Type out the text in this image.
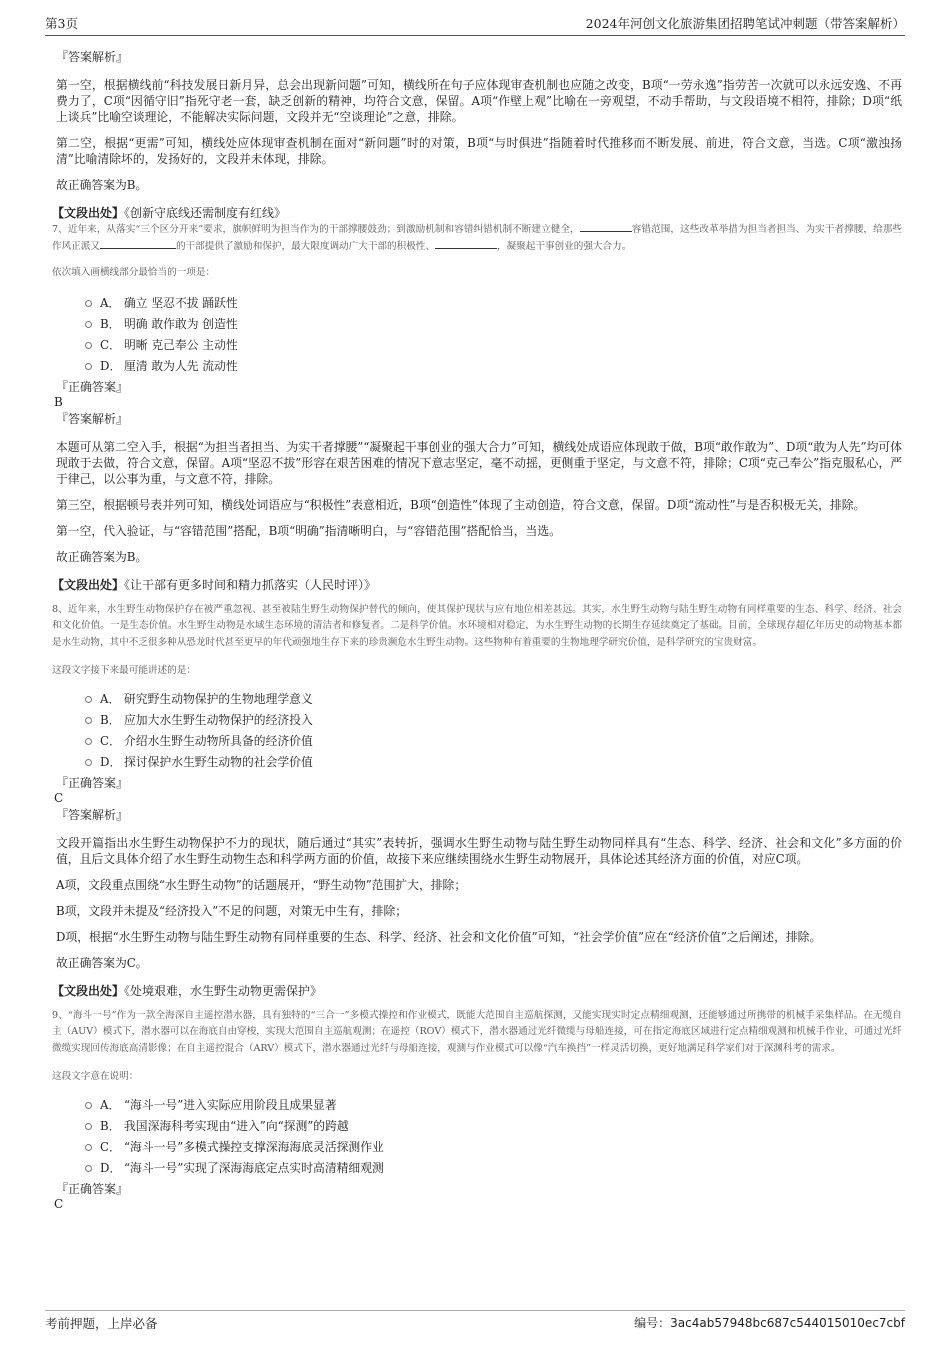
第3页	2024年河创文化旅游集团招聘笔试冲刺题（带答案解析）
『答案解析』
第一空，根据横线前“科技发展日新月异，总会出现新问题”可知，横线所在句子应体现审查机制也应随之改变，B项“一劳永逸”指劳苦一次就可以永远安逸、不再费力了，C项“因循守旧”指死守老一套，缺乏创新的精神，均符合文意，保留。A项“作壁上观”比喻在一旁观望，不动手帮助，与文段语境不相符，排除；D项“纸上谈兵”比喻空谈理论，不能解决实际问题，文段并无“空谈理论”之意，排除。
第二空，根据“更需”可知，横线处应体现审查机制在面对“新问题”时的对策，B项“与时俱进”指随着时代推移而不断发展、前进，符合文意，当选。C项“激浊扬清”比喻清除坏的，发扬好的，文段并未体现，排除。
故正确答案为B。
【文段出处】《创新守底线还需制度有红线》
7、近年来，从落实“三个区分开来”要求，旗帜鲜明为担当作为的干部撑腰鼓劲；到激励机制和容错纠错机制不断建立健全，	容错范围，这些改革举措为担当者担当、为实干者撑腰，给那些作风正派又	的干部提供了激励和保护，最大限度调动广大干部的积极性、	，凝聚起干事创业的强大合力。
依次填入画横线部分最恰当的一项是：
A． 确立 坚忍不拔 踊跃性
B． 明确 敢作敢为 创造性
C． 明晰 克己奉公 主动性
D． 厘清 敢为人先 流动性
『正确答案』
B
『答案解析』
本题可从第二空入手，根据“为担当者担当、为实干者撑腰”“凝聚起干事创业的强大合力”可知，横线处成语应体现敢于做，B项“敢作敢为”、D项“敢为人先”均可体现敢于去做，符合文意，保留。A项“坚忍不拔”形容在艰苦困难的情况下意志坚定，毫不动摇，更侧重于坚定，与文意不符，排除；C项“克己奉公”指克服私心，严于律己，以公事为重，与文意不符，排除。
第三空，根据顿号表并列可知，横线处词语应与“积极性”表意相近，B项“创造性”体现了主动创造，符合文意，保留。D项“流动性”与是否积极无关，排除。
第一空，代入验证，与“容错范围”搭配，B项“明确”指清晰明白，与“容错范围”搭配恰当，当选。
故正确答案为B。
【文段出处】《让干部有更多时间和精力抓落实（人民时评）》
8、近年来，水生野生动物保护存在被严重忽视、甚至被陆生野生动物保护替代的倾向，使其保护现状与应有地位相差甚远。其实，水生野生动物与陆生野生动物有同样重要的生态、科学、经济、社会和文化价值。一是生态价值。水生野生动物是水域生态环境的清洁者和修复者。二是科学价值。水环境相对稳定，为水生野生动物的长期生存延续奠定了基础。目前，全球现存超亿年历史的动物基本都是水生动物，其中不乏很多种从恐龙时代甚至更早的年代顽强地生存下来的珍贵濒危水生野生动物。这些物种有着重要的生物地理学研究价值，是科学研究的宝贵财富。
这段文字接下来最可能讲述的是：
A． 研究野生动物保护的生物地理学意义
B． 应加大水生野生动物保护的经济投入
C． 介绍水生野生动物所具备的经济价值
D． 探讨保护水生野生动物的社会学价值
『正确答案』
C
『答案解析』
文段开篇指出水生野生动物保护不力的现状，随后通过“其实”表转折，强调水生野生动物与陆生野生动物同样具有“生态、科学、经济、社会和文化”多方面的价值，且后文具体介绍了水生野生动物生态和科学两方面的价值，故接下来应继续围绕水生野生动物展开，具体论述其经济方面的价值，对应C项。
A项，文段重点围绕“水生野生动物”的话题展开，“野生动物”范围扩大，排除；
B项，文段并未提及“经济投入”不足的问题，对策无中生有，排除；
D项，根据“水生野生动物与陆生野生动物有同样重要的生态、科学、经济、社会和文化价值”可知，“社会学价值”应在“经济价值”之后阐述，排除。
故正确答案为C。
【文段出处】《处境艰难，水生野生动物更需保护》
9、“海斗一号”作为一款全海深自主遥控潜水器，具有独特的“三合一”多模式操控和作业模式，既能大范围自主巡航探测，又能实现实时定点精细观测，还能够通过所携带的机械手采集样品。在无缆自主（AUV）模式下，潜水器可以在海底自由穿梭，实现大范围自主巡航观测；在遥控（ROV）模式下，潜水器通过光纤微缆与母船连接，可在指定海底区域进行定点精细观测和机械手作业，可通过光纤微缆实现回传海底高清影像；在自主遥控混合（ARV）模式下，潜水器通过光纤与母船连接，观测与作业模式可以像“汽车换挡”一样灵活切换，更好地满足科学家们对于深渊科考的需求。
这段文字意在说明：
A． “海斗一号”进入实际应用阶段且成果显著
B． 我国深海科考实现由“进入”向“探测”的跨越
C． “海斗一号”多模式操控支撑深海海底灵活探测作业
D． “海斗一号”实现了深海海底定点实时高清精细观测
『正确答案』
C
考前押题，上岸必备	编号：3ac4ab57948bc687c544015010ec7cbf
